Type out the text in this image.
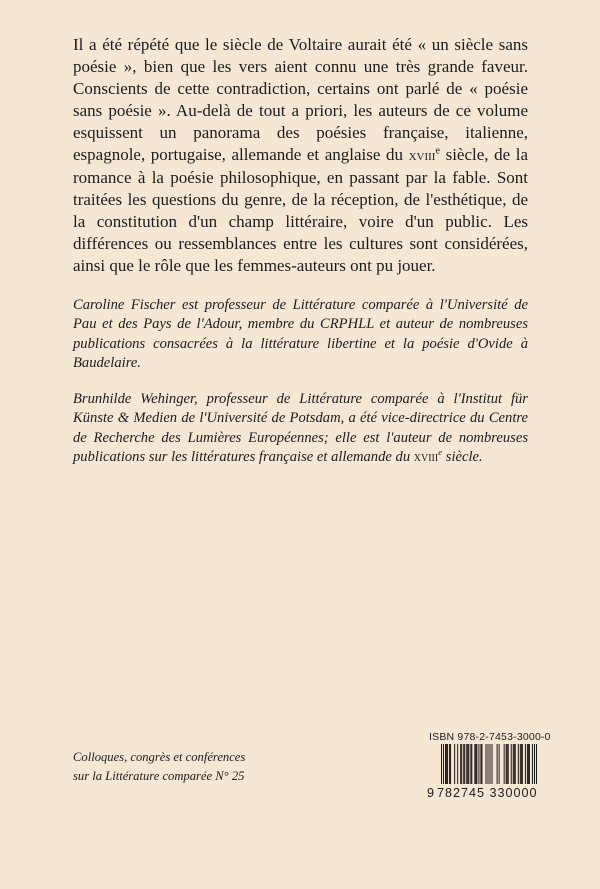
Il a été répété que le siècle de Voltaire aurait été « un siècle sans poésie », bien que les vers aient connu une très grande faveur. Conscients de cette contradiction, certains ont parlé de « poésie sans poésie ». Au-delà de tout a priori, les auteurs de ce volume esquissent un panorama des poésies française, italienne, espagnole, portugaise, allemande et anglaise du xviii$^e$ siècle, de la romance à la poésie philosophique, en passant par la fable. Sont traitées les questions du genre, de la réception, de l'esthétique, de la constitution d'un champ littéraire, voire d'un public. Les différences ou ressemblances entre les cultures sont considérées, ainsi que le rôle que les femmes-auteurs ont pu jouer.

Caroline Fischer est professeur de Littérature comparée à l'Université de Pau et des Pays de l'Adour, membre du CRPHLL et auteur de nombreuses publications consacrées à la littérature libertine et la poésie d'Ovide à Baudelaire.

Brunhilde Wehinger, professeur de Littérature comparée à l'Institut für Künste & Medien de l'Université de Potsdam, a été vice-directrice du Centre de Recherche des Lumières Européennes; elle est l'auteur de nombreuses publications sur les littératures française et allemande du xviii$^e$ siècle.

Colloques, congrès et conférences
sur la Littérature comparée N° 25
ISBN 978-2-7453-3000-0
9 782745 330000
